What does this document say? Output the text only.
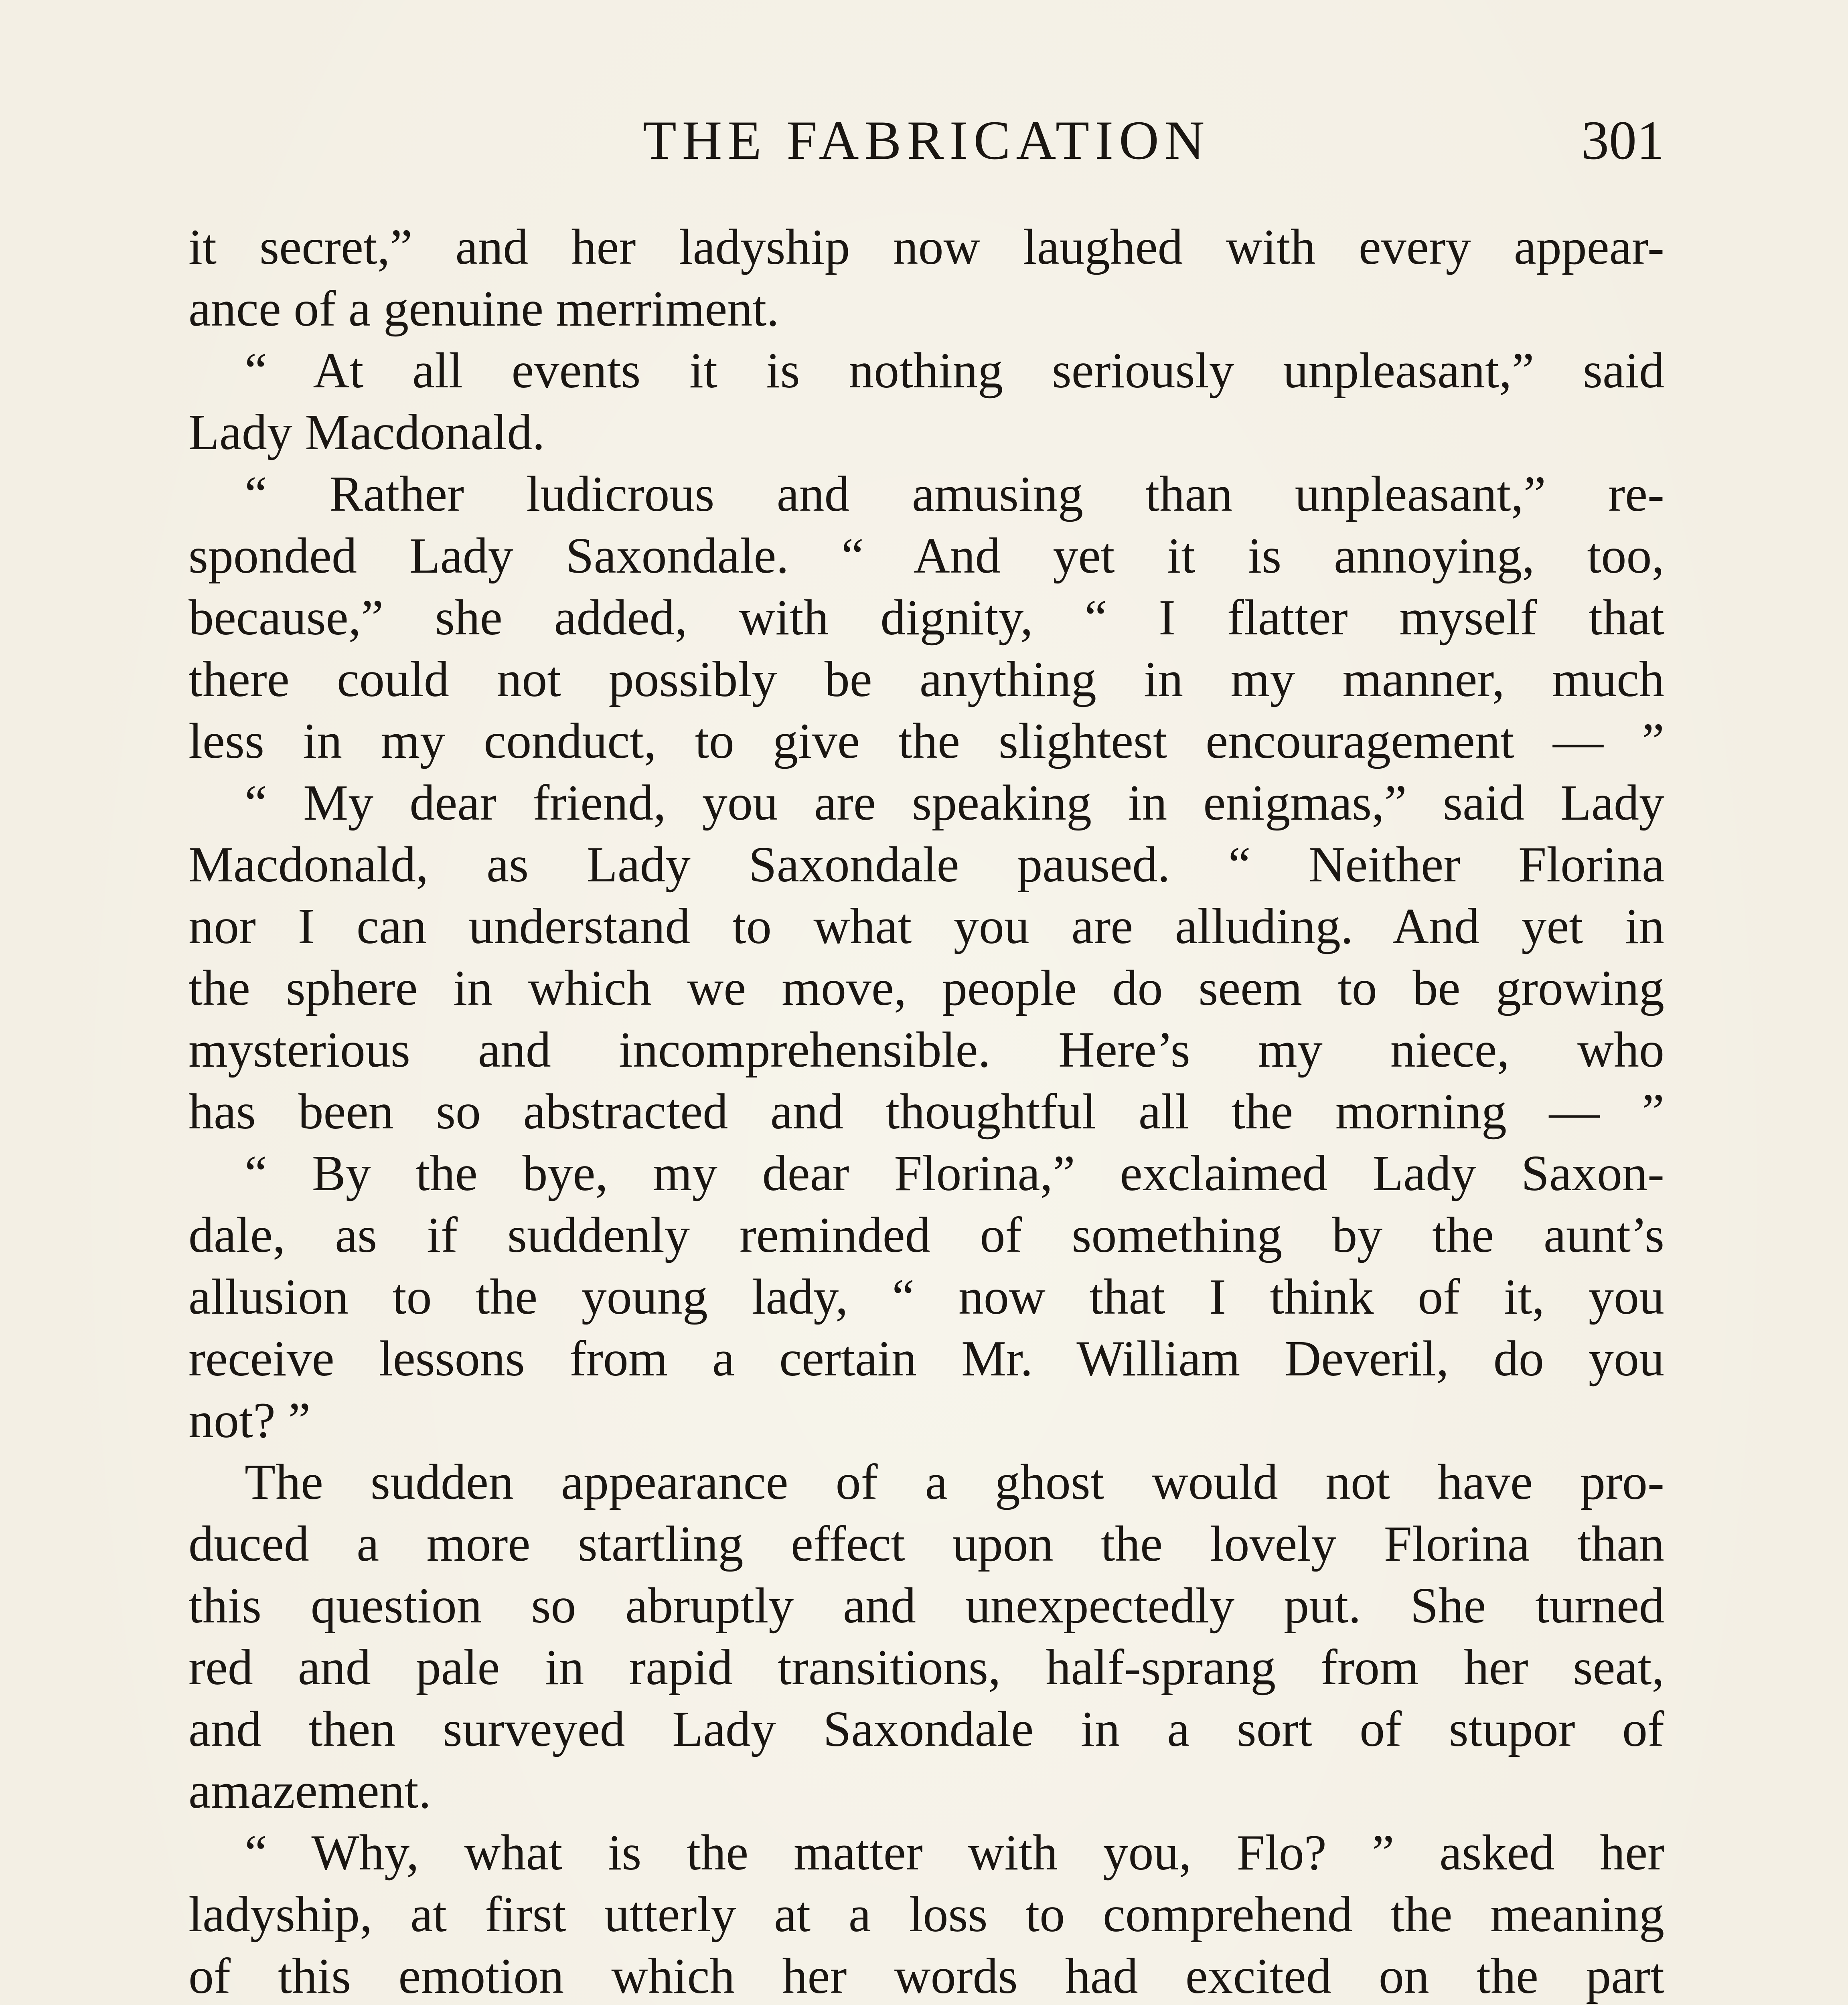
THE FABRICATION	301
it secret,” and her ladyship now laughed with every appear-
ance of a genuine merriment.
“ At all events it is nothing seriously unpleasant,” said
Lady Macdonald.
“ Rather ludicrous and amusing than unpleasant,” re-
sponded Lady Saxondale. “ And yet it is annoying, too,
because,” she added, with dignity, “ I flatter myself that
there could not possibly be anything in my manner, much
less in my conduct, to give the slightest encouragement — ”
“ My dear friend, you are speaking in enigmas,” said Lady
Macdonald, as Lady Saxondale paused. “ Neither Florina
nor I can understand to what you are alluding. And yet in
the sphere in which we move, people do seem to be growing
mysterious and incomprehensible. Here’s my niece, who
has been so abstracted and thoughtful all the morning — ”
“ By the bye, my dear Florina,” exclaimed Lady Saxon-
dale, as if suddenly reminded of something by the aunt’s
allusion to the young lady, “ now that I think of it, you
receive lessons from a certain Mr. William Deveril, do you
not? ”
The sudden appearance of a ghost would not have pro-
duced a more startling effect upon the lovely Florina than
this question so abruptly and unexpectedly put. She turned
red and pale in rapid transitions, half-sprang from her seat,
and then surveyed Lady Saxondale in a sort of stupor of
amazement.
“ Why, what is the matter with you, Flo? ” asked her
ladyship, at first utterly at a loss to comprehend the meaning
of this emotion which her words had excited on the part
